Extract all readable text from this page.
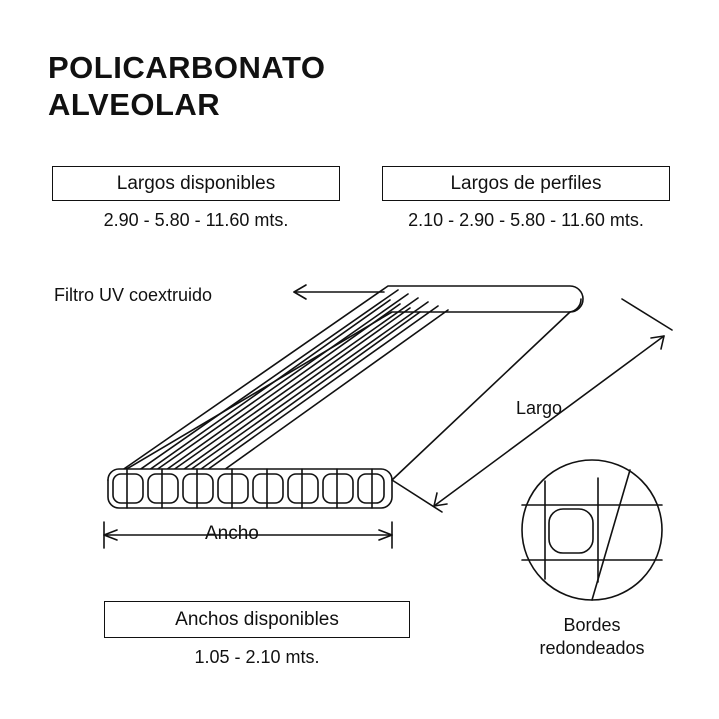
POLICARBONATO
ALVEOLAR
Largos disponibles
2.90 - 5.80 - 11.60 mts.
Largos de perfiles
2.10 - 2.90 - 5.80 - 11.60 mts.
Anchos disponibles
1.05 - 2.10 mts.
Filtro UV coextruido
Largo
Ancho
Bordes
redondeados
